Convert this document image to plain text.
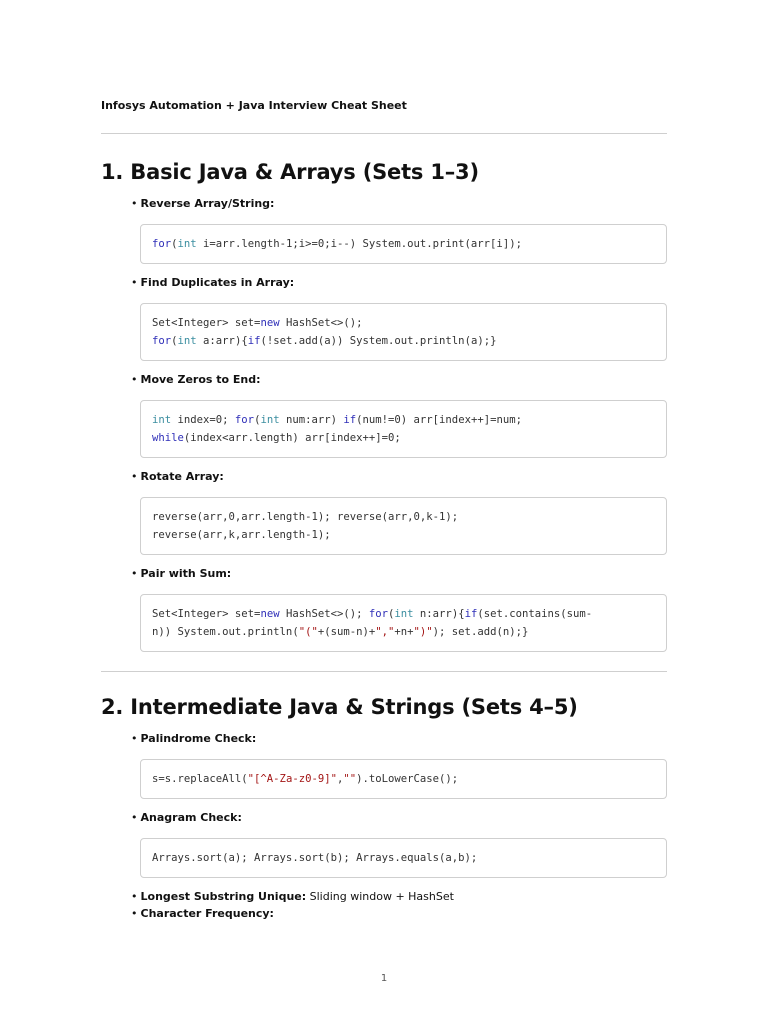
Infosys Automation + Java Interview Cheat Sheet

1. Basic Java & Arrays (Sets 1–3)
• Reverse Array/String:
for(int i=arr.length-1;i>=0;i--) System.out.print(arr[i]);
• Find Duplicates in Array:
Set<Integer> set=new HashSet<>();
for(int a:arr){if(!set.add(a)) System.out.println(a);}
• Move Zeros to End:
int index=0; for(int num:arr) if(num!=0) arr[index++]=num;
while(index<arr.length) arr[index++]=0;
• Rotate Array:
reverse(arr,0,arr.length-1); reverse(arr,0,k-1);
reverse(arr,k,arr.length-1);
• Pair with Sum:
Set<Integer> set=new HashSet<>(); for(int n:arr){if(set.contains(sum-
n)) System.out.println("("+(sum-n)+","+n+")"); set.add(n);}
2. Intermediate Java & Strings (Sets 4–5)
• Palindrome Check:
s=s.replaceAll("[^A-Za-z0-9]","").toLowerCase();
• Anagram Check:
Arrays.sort(a); Arrays.sort(b); Arrays.equals(a,b);
• Longest Substring Unique: Sliding window + HashSet
• Character Frequency:
1
